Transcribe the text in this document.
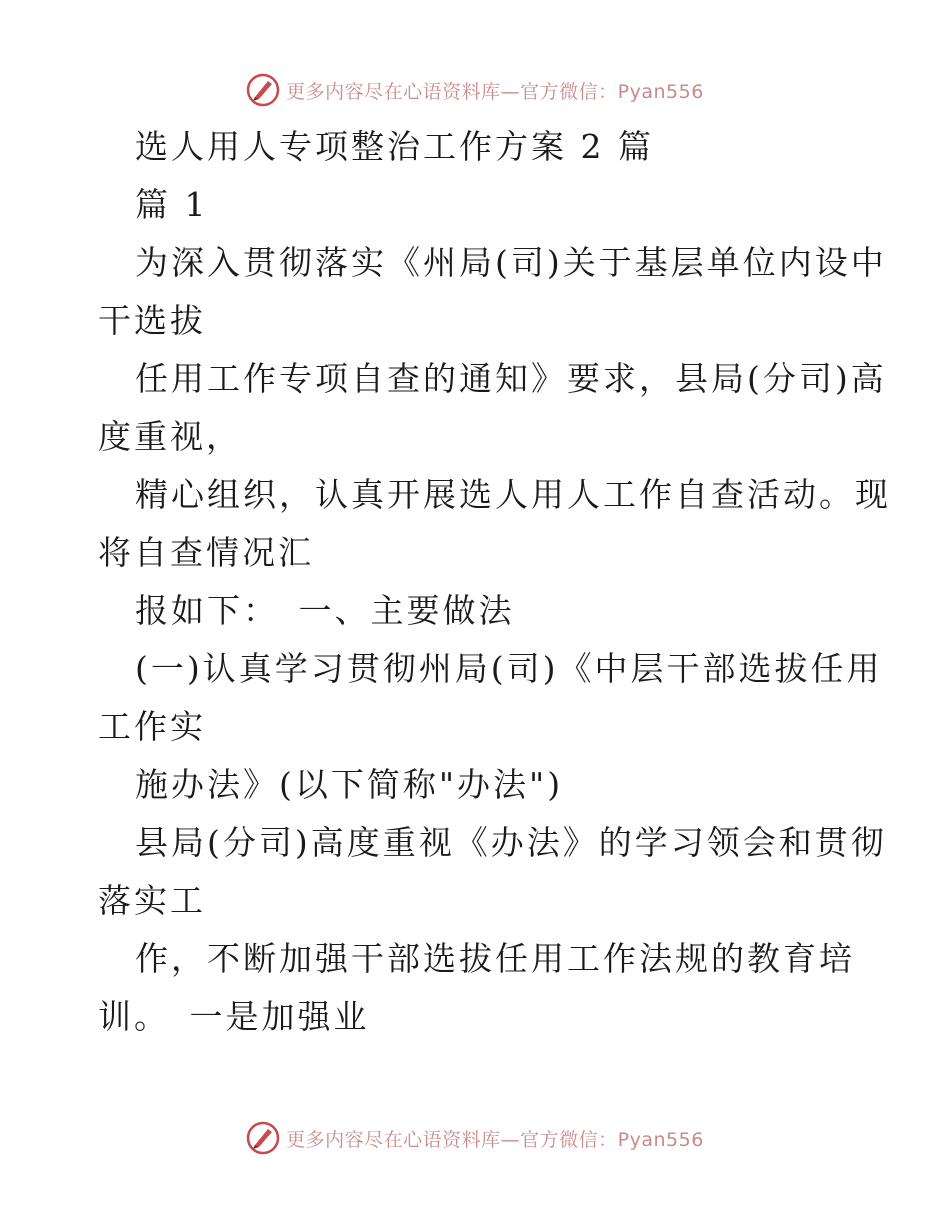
更多内容尽在心语资料库—官方微信：Pyan556
选人用人专项整治工作方案 2 篇
篇 1
为深入贯彻落实《州局(司)关于基层单位内设中
干选拔
任用工作专项自查的通知》要求，县局(分司)高
度重视，
精心组织，认真开展选人用人工作自查活动。现
将自查情况汇
报如下：　一、主要做法
(一)认真学习贯彻州局(司)《中层干部选拔任用
工作实
施办法》(以下简称"办法")
县局(分司)高度重视《办法》的学习领会和贯彻
落实工
作，不断加强干部选拔任用工作法规的教育培
训。　一是加强业
更多内容尽在心语资料库—官方微信：Pyan556
